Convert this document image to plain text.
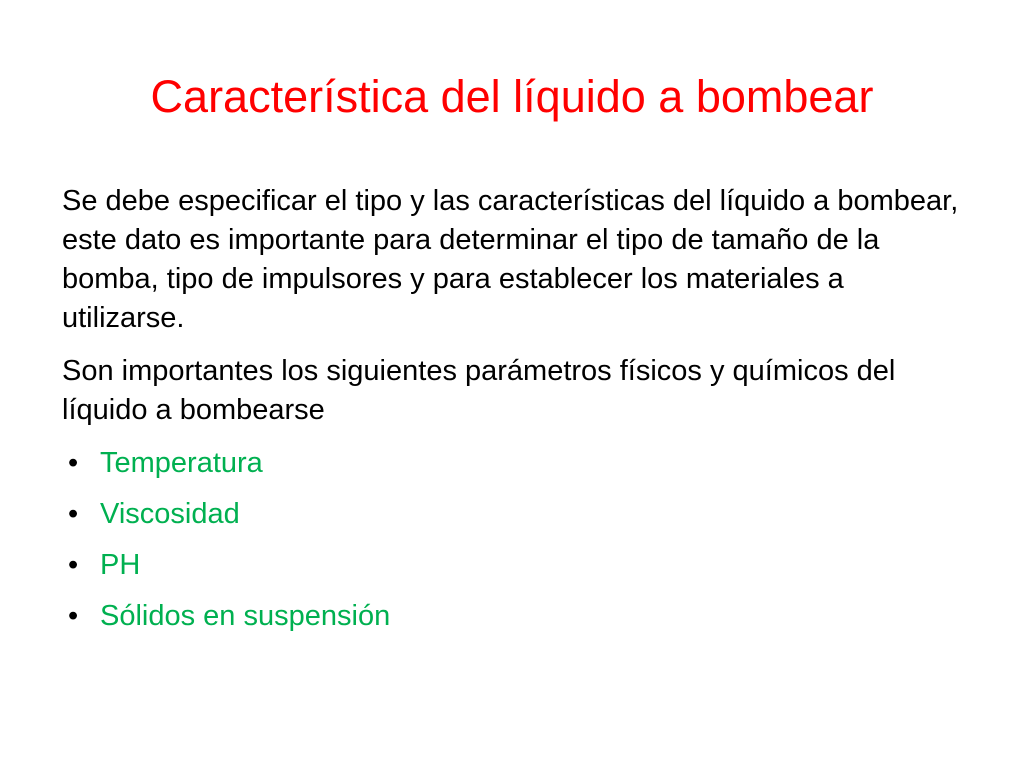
Característica del líquido a bombear

Se debe especificar el tipo y las características del líquido a bombear, este dato es importante para determinar el tipo de tamaño de la bomba, tipo de impulsores y para establecer los materiales a utilizarse.

Son importantes los siguientes parámetros físicos y químicos del líquido a bombearse

• Temperatura
• Viscosidad
• PH
• Sólidos en suspensión
